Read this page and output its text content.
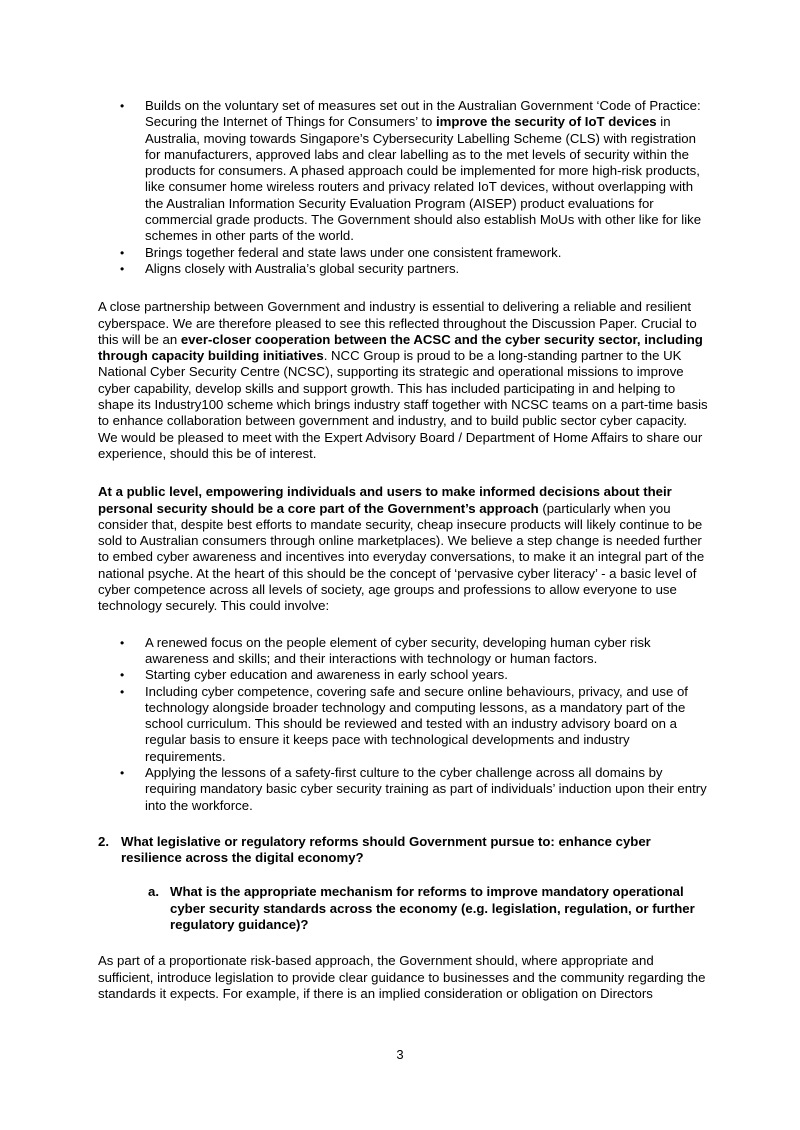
• Builds on the voluntary set of measures set out in the Australian Government ‘Code of Practice: Securing the Internet of Things for Consumers’ to improve the security of IoT devices in Australia, moving towards Singapore’s Cybersecurity Labelling Scheme (CLS) with registration for manufacturers, approved labs and clear labelling as to the met levels of security within the products for consumers. A phased approach could be implemented for more high-risk products, like consumer home wireless routers and privacy related IoT devices, without overlapping with the Australian Information Security Evaluation Program (AISEP) product evaluations for commercial grade products. The Government should also establish MoUs with other like for like schemes in other parts of the world.
• Brings together federal and state laws under one consistent framework.
• Aligns closely with Australia’s global security partners.

A close partnership between Government and industry is essential to delivering a reliable and resilient cyberspace. We are therefore pleased to see this reflected throughout the Discussion Paper. Crucial to this will be an ever-closer cooperation between the ACSC and the cyber security sector, including through capacity building initiatives. NCC Group is proud to be a long-standing partner to the UK National Cyber Security Centre (NCSC), supporting its strategic and operational missions to improve cyber capability, develop skills and support growth. This has included participating in and helping to shape its Industry100 scheme which brings industry staff together with NCSC teams on a part-time basis to enhance collaboration between government and industry, and to build public sector cyber capacity. We would be pleased to meet with the Expert Advisory Board / Department of Home Affairs to share our experience, should this be of interest.

At a public level, empowering individuals and users to make informed decisions about their personal security should be a core part of the Government’s approach (particularly when you consider that, despite best efforts to mandate security, cheap insecure products will likely continue to be sold to Australian consumers through online marketplaces). We believe a step change is needed further to embed cyber awareness and incentives into everyday conversations, to make it an integral part of the national psyche. At the heart of this should be the concept of ‘pervasive cyber literacy’ - a basic level of cyber competence across all levels of society, age groups and professions to allow everyone to use technology securely. This could involve:

• A renewed focus on the people element of cyber security, developing human cyber risk awareness and skills; and their interactions with technology or human factors.
• Starting cyber education and awareness in early school years.
• Including cyber competence, covering safe and secure online behaviours, privacy, and use of technology alongside broader technology and computing lessons, as a mandatory part of the school curriculum. This should be reviewed and tested with an industry advisory board on a regular basis to ensure it keeps pace with technological developments and industry requirements.
• Applying the lessons of a safety-first culture to the cyber challenge across all domains by requiring mandatory basic cyber security training as part of individuals’ induction upon their entry into the workforce.
2. What legislative or regulatory reforms should Government pursue to: enhance cyber resilience across the digital economy?
a. What is the appropriate mechanism for reforms to improve mandatory operational cyber security standards across the economy (e.g. legislation, regulation, or further regulatory guidance)?

As part of a proportionate risk-based approach, the Government should, where appropriate and sufficient, introduce legislation to provide clear guidance to businesses and the community regarding the standards it expects. For example, if there is an implied consideration or obligation on Directors

3
